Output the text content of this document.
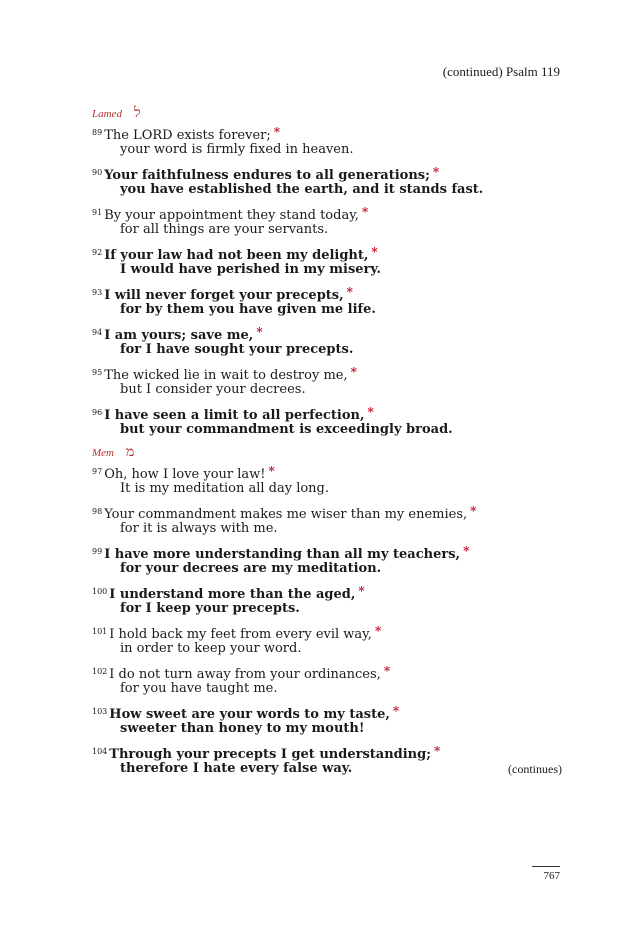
(continued) Psalm 119
Lamed ל
$^{89}$ The LORD exists forever; *
your word is firmly fixed in heaven.
$^{90}$ Your faithfulness endures to all generations; *
you have established the earth, and it stands fast.
$^{91}$ By your appointment they stand today, *
for all things are your servants.
$^{92}$ If your law had not been my delight, *
I would have perished in my misery.
$^{93}$ I will never forget your precepts, *
for by them you have given me life.
$^{94}$ I am yours; save me, *
for I have sought your precepts.
$^{95}$ The wicked lie in wait to destroy me, *
but I consider your decrees.
$^{96}$ I have seen a limit to all perfection, *
but your commandment is exceedingly broad.
Mem מ
$^{97}$ Oh, how I love your law! *
It is my meditation all day long.
$^{98}$ Your commandment makes me wiser than my enemies, *
for it is always with me.
$^{99}$ I have more understanding than all my teachers, *
for your decrees are my meditation.
$^{100}$ I understand more than the aged, *
for I keep your precepts.
$^{101}$ I hold back my feet from every evil way, *
in order to keep your word.
$^{102}$ I do not turn away from your ordinances, *
for you have taught me.
$^{103}$ How sweet are your words to my taste, *
sweeter than honey to my mouth!
$^{104}$ Through your precepts I get understanding; *
therefore I hate every false way.	(continues)
767
